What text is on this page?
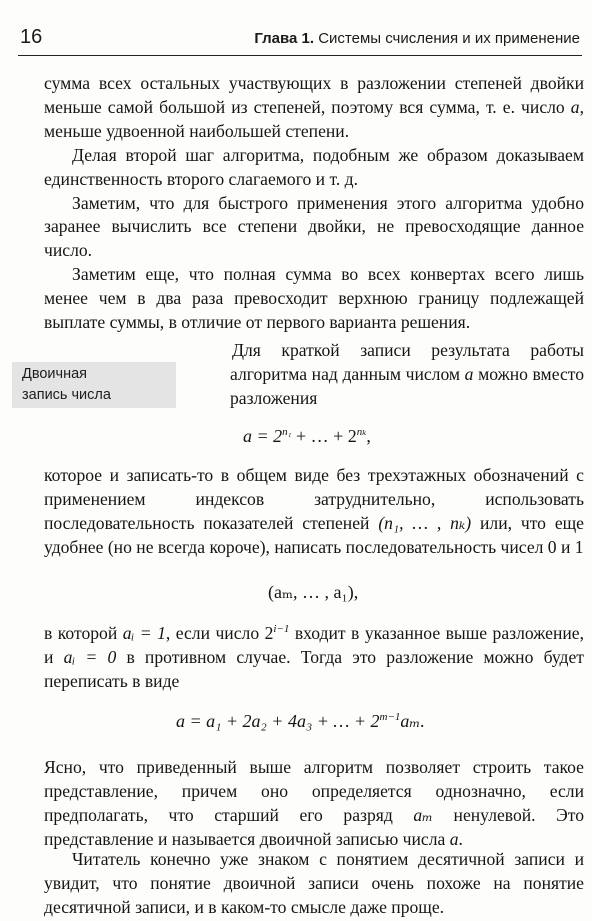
16	Глава 1. Системы счисления и их применение

сумма всех остальных участвующих в разложении степеней двойки меньше самой большой из степеней, поэтому вся сумма, т. е. число a, меньше удвоенной наибольшей степени.

Делая второй шаг алгоритма, подобным же образом доказываем единственность второго слагаемого и т. д.

Заметим, что для быстрого применения этого алгоритма удобно заранее вычислить все степени двойки, не превосходящие данное число.

Заметим еще, что полная сумма во всех конвертах всего лишь менее чем в два раза превосходит верхнюю границу подлежащей выплате суммы, в отличие от первого варианта решения.

Двоичная
запись числа

Для краткой записи результата работы алгоритма над данным числом a можно вместо разложения

$a = 2^{n_1}$ + … + $2^{n_k}$,

которое и записать-то в общем виде без трехэтажных обозначений с применением индексов затруднительно, использовать последовательность показателей степеней (n₁, … , nₖ) или, что еще удобнее (но не всегда короче), написать последовательность чисел 0 и 1

(aₘ, … , a₁),

в которой aᵢ = 1, если число $2^{i-1}$ входит в указанное выше разложение, и aᵢ = 0 в противном случае. Тогда это разложение можно будет переписать в виде

a = a₁ + 2a₂ + 4a₃ + … + $2^{m-1}a_m$.

Ясно, что приведенный выше алгоритм позволяет строить такое представление, причем оно определяется однозначно, если предполагать, что старший его разряд aₘ ненулевой. Это представление и называется двоичной записью числа a.

Читатель конечно уже знаком с понятием десятичной записи и увидит, что понятие двоичной записи очень похоже на понятие десятичной записи, и в каком-то смысле даже проще.
